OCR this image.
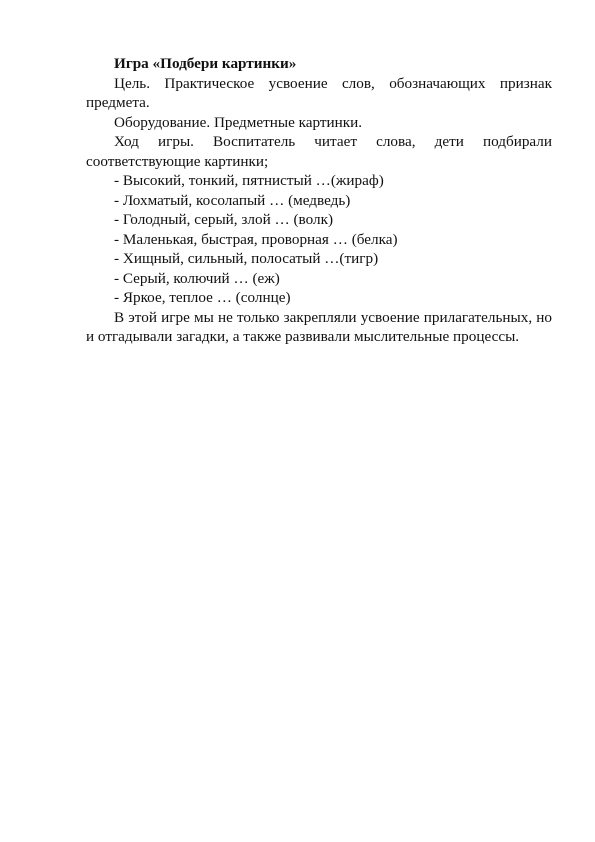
Игра «Подбери картинки»

Цель. Практическое усвоение слов, обозначающих признак предмета.

Оборудование. Предметные картинки.

Ход игры. Воспитатель читает слова, дети подбирали соответствующие картинки;

- Высокий, тонкий, пятнистый …(жираф)
- Лохматый, косолапый … (медведь)
- Голодный, серый, злой … (волк)
- Маленькая, быстрая, проворная … (белка)
- Хищный, сильный, полосатый …(тигр)
- Серый, колючий … (еж)
- Яркое, теплое … (солнце)

В этой игре мы не только закрепляли усвоение прилагательных, но и отгадывали загадки, а также развивали мыслительные процессы.
